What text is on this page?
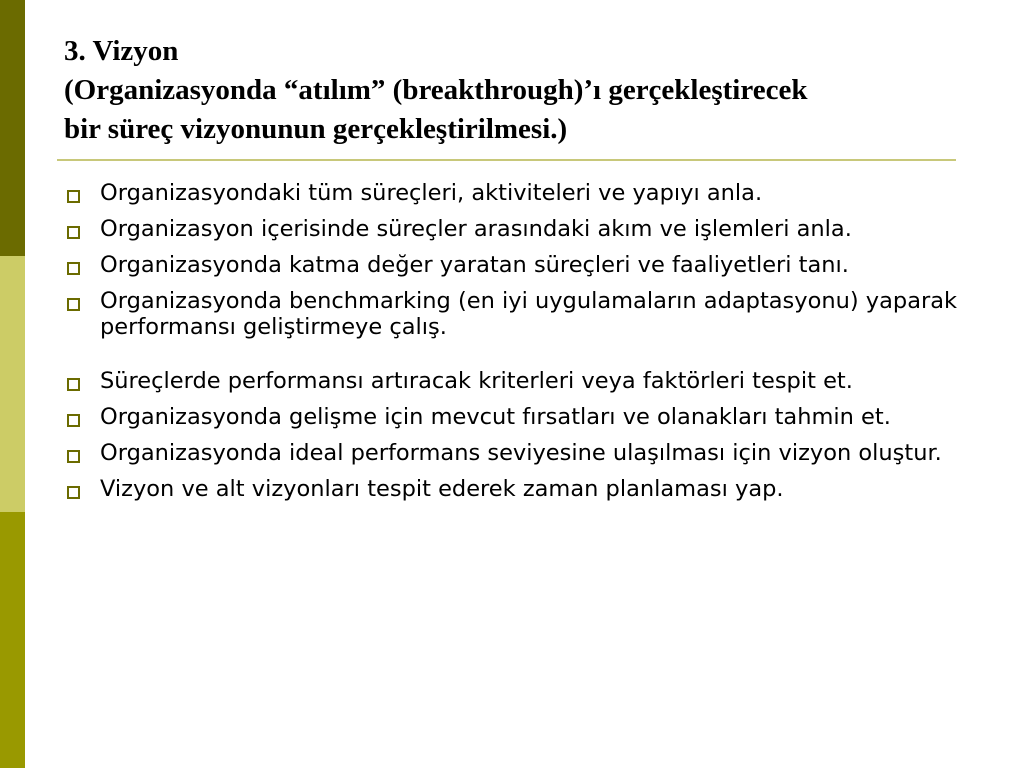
3. Vizyon
(Organizasyonda “atılım” (breakthrough)’ı gerçekleştirecek
bir süreç vizyonunun gerçekleştirilmesi.)
Organizasyondaki tüm süreçleri, aktiviteleri ve yapıyı anla.
Organizasyon içerisinde süreçler arasındaki akım ve işlemleri anla.
Organizasyonda katma değer yaratan süreçleri ve faaliyetleri tanı.
Organizasyonda benchmarking (en iyi uygulamaların adaptasyonu) yaparak performansı geliştirmeye çalış.
Süreçlerde performansı artıracak kriterleri veya faktörleri tespit et.
Organizasyonda gelişme için mevcut fırsatları ve olanakları tahmin et.
Organizasyonda ideal performans seviyesine ulaşılması için vizyon oluştur.
Vizyon ve alt vizyonları tespit ederek zaman planlaması yap.
